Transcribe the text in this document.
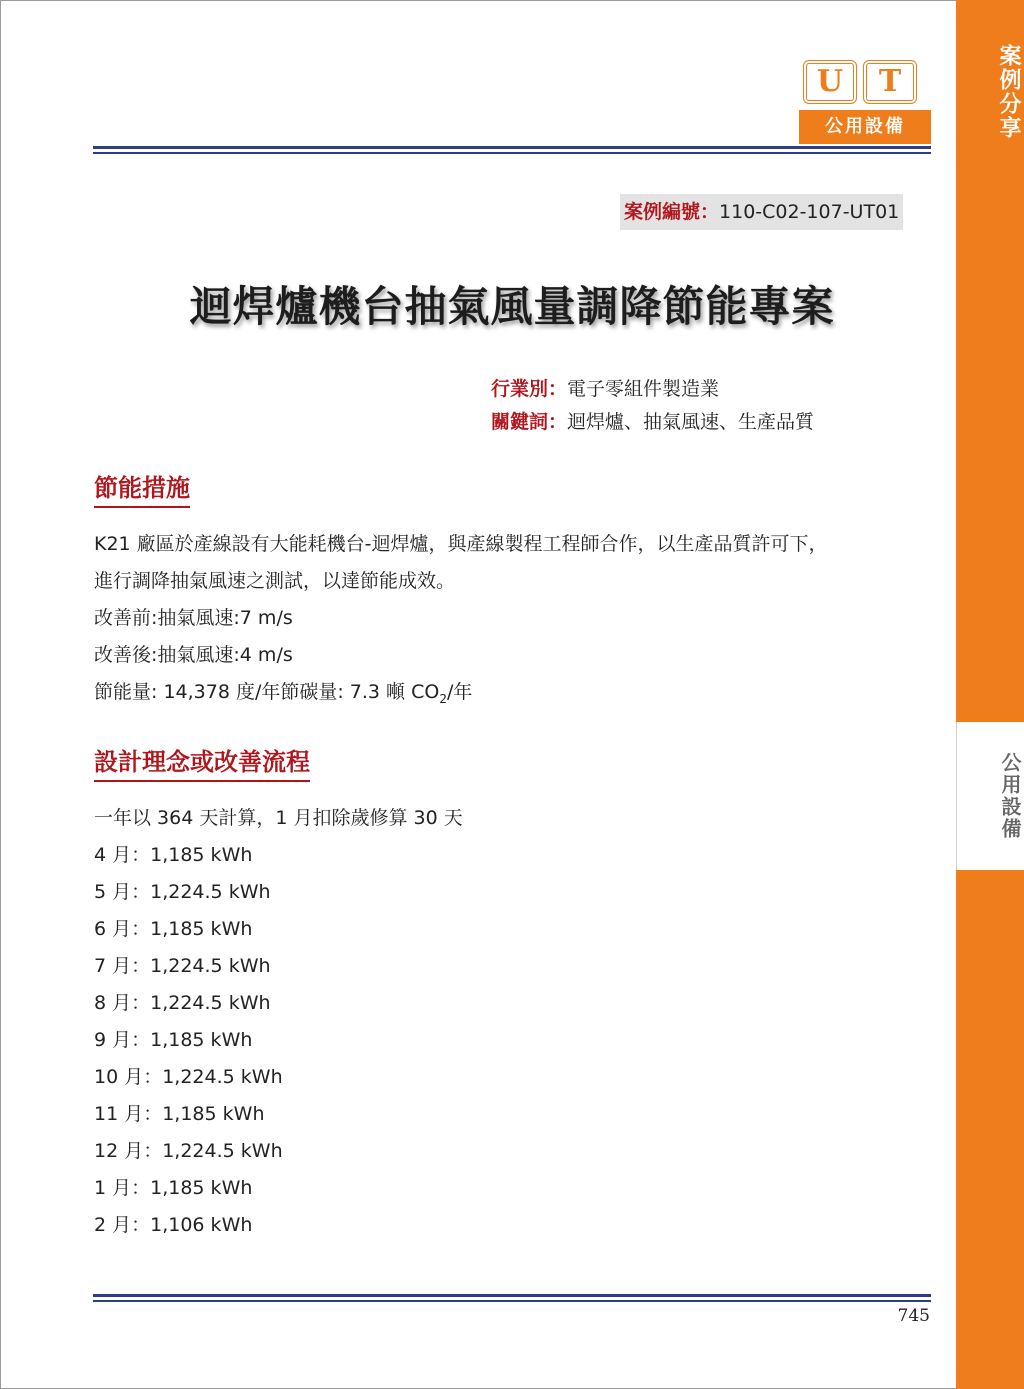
案例分享
公用設備
U	T
公用設備
案例編號：110-C02-107-UT01
迴焊爐機台抽氣風量調降節能專案
行業別：電子零組件製造業
關鍵詞：迴焊爐、抽氣風速、生產品質
節能措施
K21 廠區於產線設有大能耗機台-迴焊爐，與產線製程工程師合作，以生產品質許可下，
進行調降抽氣風速之測試，以達節能成效。
改善前:抽氣風速:7 m/s
改善後:抽氣風速:4 m/s
節能量: 14,378 度/年節碳量: 7.3 噸 $CO_2/$年
設計理念或改善流程
一年以 364 天計算，1 月扣除歲修算 30 天
4 月：1,185 kWh
5 月：1,224.5 kWh
6 月：1,185 kWh
7 月：1,224.5 kWh
8 月：1,224.5 kWh
9 月：1,185 kWh
10 月：1,224.5 kWh
11 月：1,185 kWh
12 月：1,224.5 kWh
1 月：1,185 kWh
2 月：1,106 kWh
745
